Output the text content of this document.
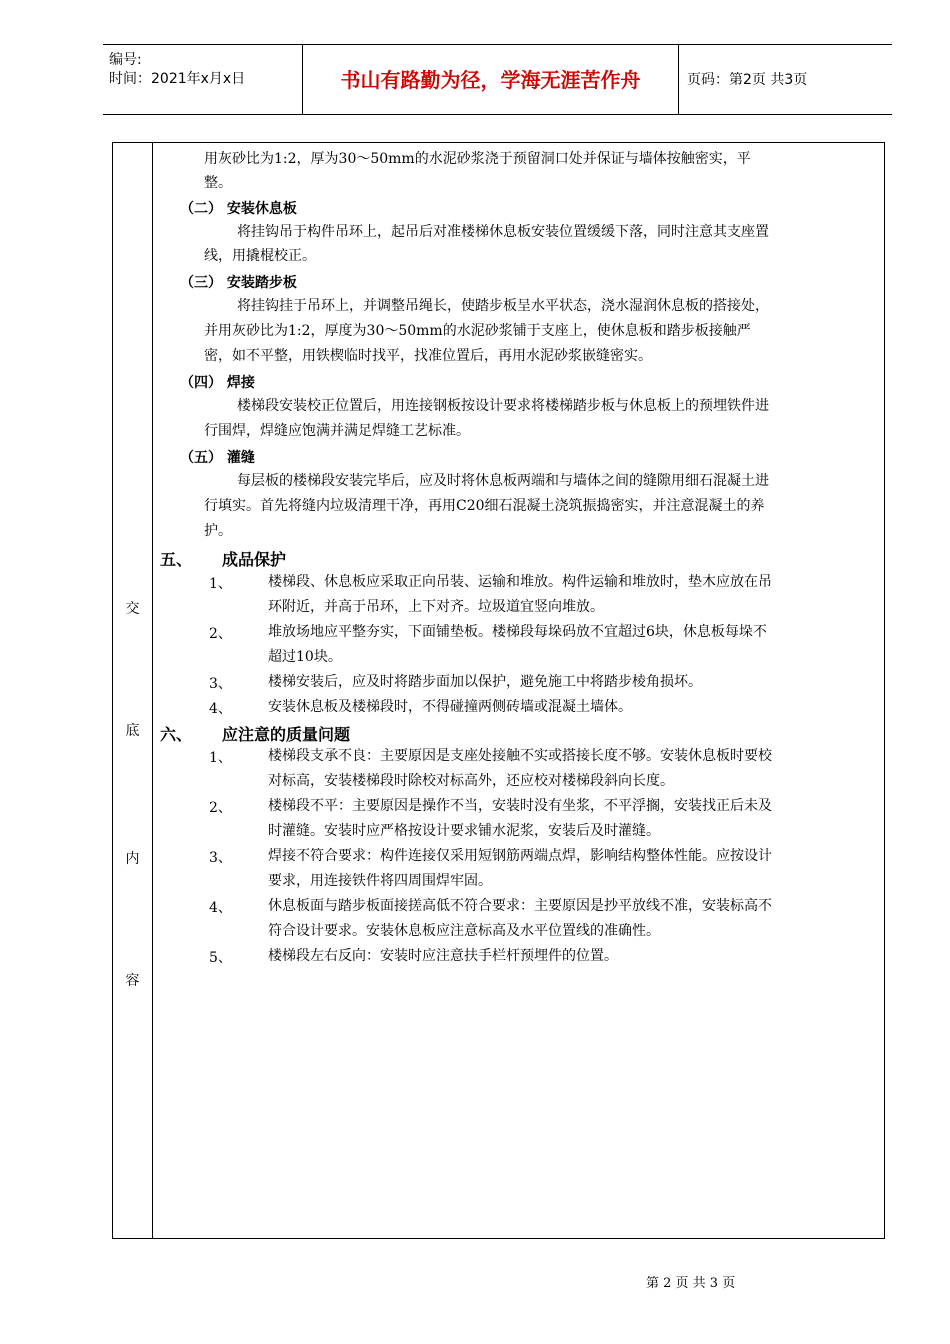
编号:
时间：2021年x月x日	书山有路勤为径，学海无涯苦作舟	页码：第2页 共3页
交
底
内
容
用灰砂比为1:2，厚为30～50mm的水泥砂浆浇于预留洞口处并保证与墙体按触密实，平
整。
（二） 安装休息板
将挂钩吊于构件吊环上，起吊后对准楼梯休息板安装位置缓缓下落，同时注意其支座置
线，用撬棍校正。
（三） 安装踏步板
将挂钩挂于吊环上，并调整吊绳长，使踏步板呈水平状态，浇水湿润休息板的搭接处，
并用灰砂比为1:2，厚度为30～50mm的水泥砂浆铺于支座上，使休息板和踏步板接触严
密，如不平整，用铁楔临时找平，找准位置后，再用水泥砂浆嵌缝密实。
（四） 焊接
楼梯段安装校正位置后，用连接钢板按设计要求将楼梯踏步板与休息板上的预埋铁件进
行围焊，焊缝应饱满并满足焊缝工艺标准。
（五） 灌缝
每层板的楼梯段安装完毕后，应及时将休息板两端和与墙体之间的缝隙用细石混凝土进
行填实。首先将缝内垃圾清理干净，再用C20细石混凝土浇筑振捣密实，并注意混凝土的养
护。
五、 成品保护
1、	楼梯段、休息板应采取正向吊装、运输和堆放。构件运输和堆放时，垫木应放在吊
环附近，并高于吊环，上下对齐。垃圾道宜竖向堆放。
2、	堆放场地应平整夯实，下面铺垫板。楼梯段每垛码放不宜超过6块，休息板每垛不
超过10块。
3、	楼梯安装后，应及时将踏步面加以保护，避免施工中将踏步棱角损坏。
4、	安装休息板及楼梯段时，不得碰撞两侧砖墙或混凝土墙体。
六、 应注意的质量问题
1、	楼梯段支承不良：主要原因是支座处接触不实或搭接长度不够。安装休息板时要校
对标高，安装楼梯段时除校对标高外，还应校对楼梯段斜向长度。
2、	楼梯段不平：主要原因是操作不当，安装时没有坐浆，不平浮搁，安装找正后未及
时灌缝。安装时应严格按设计要求铺水泥浆，安装后及时灌缝。
3、	焊接不符合要求：构件连接仅采用短钢筋两端点焊，影响结构整体性能。应按设计
要求，用连接铁件将四周围焊牢固。
4、	休息板面与踏步板面接搓高低不符合要求：主要原因是抄平放线不准，安装标高不
符合设计要求。安装休息板应注意标高及水平位置线的准确性。
5、	楼梯段左右反向：安装时应注意扶手栏杆预埋件的位置。
第 2 页 共 3 页
